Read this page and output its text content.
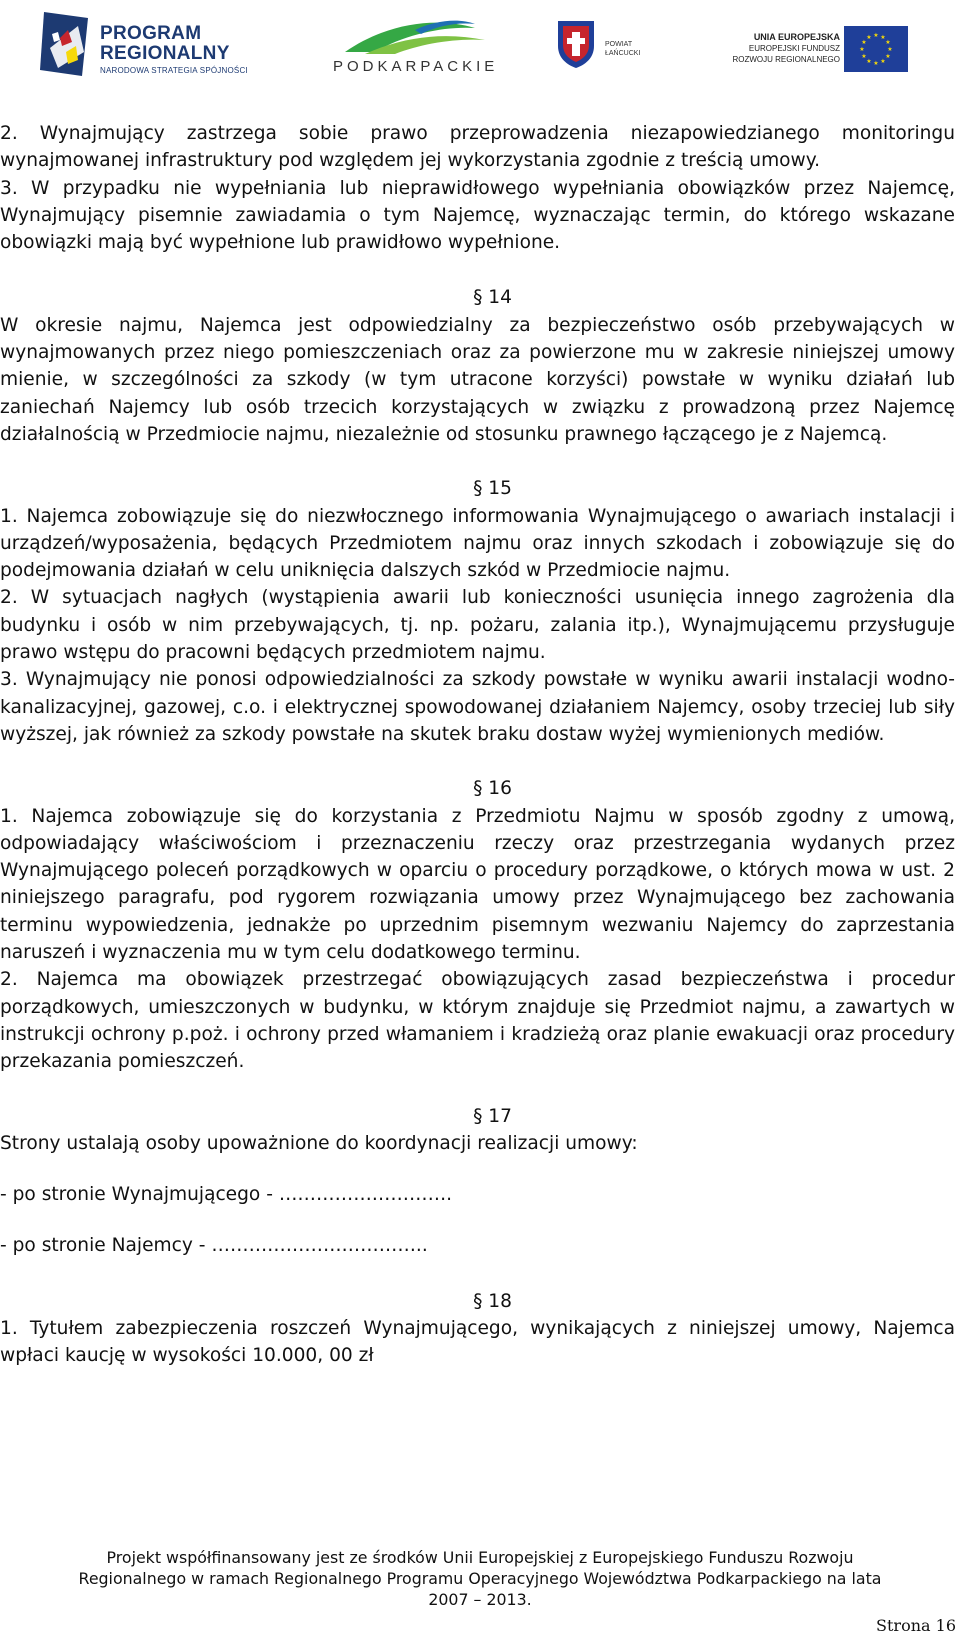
PROGRAM
REGIONALNY
NARODOWA STRATEGIA SPÓJNOŚCI	PODKARPACKIE
POWIAT
ŁAŃCUCKI
UNIA EUROPEJSKA
EUROPEJSKI FUNDUSZ
ROZWOJU REGIONALNEGO
★ ★
★
★
★
★
★
★
★
★
★
★

2. Wynajmujący zastrzega sobie prawo przeprowadzenia niezapowiedzianego monitoringu wynajmowanej infrastruktury pod względem jej wykorzystania zgodnie z treścią umowy.

3. W przypadku nie wypełniania lub nieprawidłowego wypełniania obowiązków przez Najemcę, Wynajmujący pisemnie zawiadamia o tym Najemcę, wyznaczając termin, do którego wskazane obowiązki mają być wypełnione lub prawidłowo wypełnione.

§ 14

W okresie najmu, Najemca jest odpowiedzialny za bezpieczeństwo osób przebywających w wynajmowanych przez niego pomieszczeniach oraz za powierzone mu w zakresie niniejszej umowy mienie, w szczególności za szkody (w tym utracone korzyści) powstałe w wyniku działań lub zaniechań Najemcy lub osób trzecich korzystających w związku z prowadzoną przez Najemcę działalnością w Przedmiocie najmu, niezależnie od stosunku prawnego łączącego je z Najemcą.

§ 15

1. Najemca zobowiązuje się do niezwłocznego informowania Wynajmującego o awariach instalacji i urządzeń/wyposażenia, będących Przedmiotem najmu oraz innych szkodach i zobowiązuje się do podejmowania działań w celu uniknięcia dalszych szkód w Przedmiocie najmu.

2. W sytuacjach nagłych (wystąpienia awarii lub konieczności usunięcia innego zagrożenia dla budynku i osób w nim przebywających, tj. np. pożaru, zalania itp.), Wynajmującemu przysługuje prawo wstępu do pracowni będących przedmiotem najmu.

3. Wynajmujący nie ponosi odpowiedzialności za szkody powstałe w wyniku awarii instalacji wodno-kanalizacyjnej, gazowej, c.o. i elektrycznej spowodowanej działaniem Najemcy, osoby trzeciej lub siły wyższej, jak również za szkody powstałe na skutek braku dostaw wyżej wymienionych mediów.

§ 16

1. Najemca zobowiązuje się do korzystania z Przedmiotu Najmu w sposób zgodny z umową, odpowiadający właściwościom i przeznaczeniu rzeczy oraz przestrzegania wydanych przez Wynajmującego poleceń porządkowych w oparciu o procedury porządkowe, o których mowa w ust. 2 niniejszego paragrafu, pod rygorem rozwiązania umowy przez Wynajmującego bez zachowania terminu wypowiedzenia, jednakże po uprzednim pisemnym wezwaniu Najemcy do zaprzestania naruszeń i wyznaczenia mu w tym celu dodatkowego terminu.

2. Najemca ma obowiązek przestrzegać obowiązujących zasad bezpieczeństwa i procedur porządkowych, umieszczonych w budynku, w którym znajduje się Przedmiot najmu, a zawartych w instrukcji ochrony p.poż. i ochrony przed włamaniem i kradzieżą oraz planie ewakuacji oraz procedury przekazania pomieszczeń.

§ 17

Strony ustalają osoby upoważnione do koordynacji realizacji umowy:

- po stronie Wynajmującego - ……………………….

- po stronie Najemcy - ……………………………..

§ 18

1. Tytułem zabezpieczenia roszczeń Wynajmującego, wynikających z niniejszej umowy, Najemca wpłaci kaucję w wysokości 10.000, 00 zł

Projekt współfinansowany jest ze środków Unii Europejskiej z Europejskiego Funduszu Rozwoju
Regionalnego w ramach Regionalnego Programu Operacyjnego Województwa Podkarpackiego na lata
2007 – 2013.
Strona 16
